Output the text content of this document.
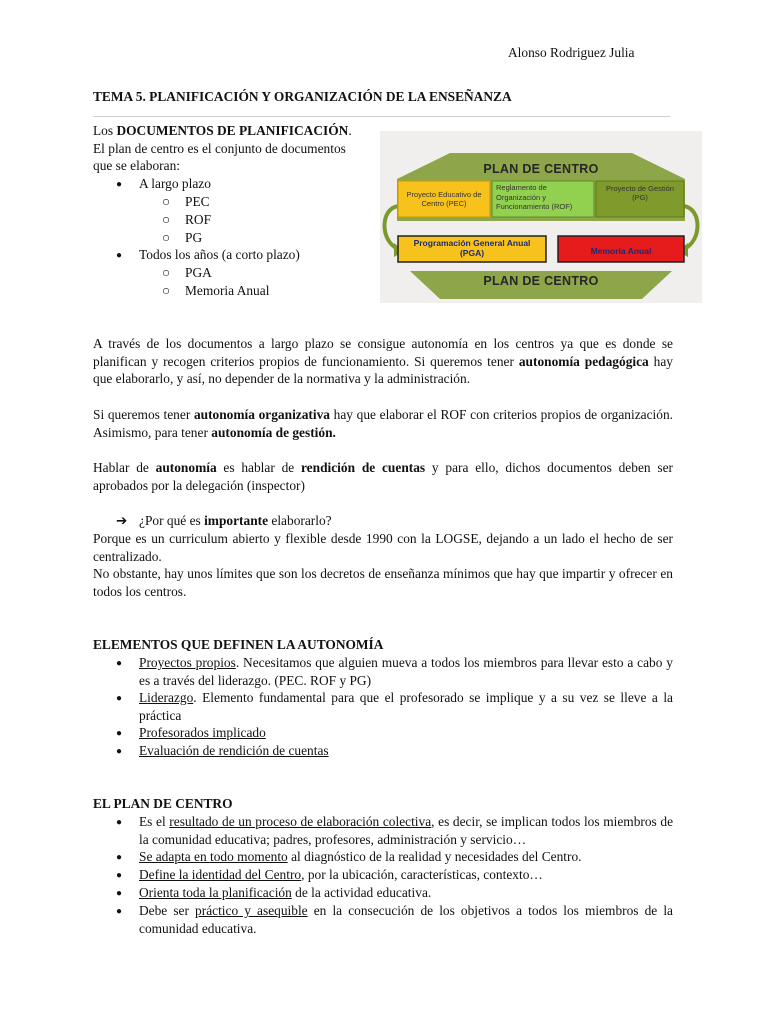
Alonso Rodriguez Julia
TEMA 5. PLANIFICACIÓN Y ORGANIZACIÓN DE LA ENSEÑANZA
Los DOCUMENTOS DE PLANIFICACIÓN.
El plan de centro es el conjunto de documentos
que se elaboran:
● A largo plazo
○ PEC
○ ROF
○ PG
● Todos los años (a corto plazo)
○ PGA
○ Memoria Anual
PLAN DE CENTRO
Proyecto Educativo de Centro (PEC)
Reglamento de Organización y Funcionamiento (ROF)
Proyecto de Gestión (PG)
Programación General Anual (PGA)	Memoria Anual
PLAN DE CENTRO
A través de los documentos a largo plazo se consigue autonomía en los centros ya que es donde se planifican y recogen criterios propios de funcionamiento. Si queremos tener autonomía pedagógica hay que elaborarlo, y así, no depender de la normativa y la administración.
Si queremos tener autonomía organizativa hay que elaborar el ROF con criterios propios de organización. Asimismo, para tener autonomía de gestión.
Hablar de autonomía es hablar de rendición de cuentas y para ello, dichos documentos deben ser aprobados por la delegación (inspector)
➔ ¿Por qué es importante elaborarlo?
Porque es un curriculum abierto y flexible desde 1990 con la LOGSE, dejando a un lado el hecho de ser centralizado.
No obstante, hay unos límites que son los decretos de enseñanza mínimos que hay que impartir y ofrecer en todos los centros.
ELEMENTOS QUE DEFINEN LA AUTONOMÍA
● Proyectos propios. Necesitamos que alguien mueva a todos los miembros para llevar esto a cabo y es a través del liderazgo. (PEC. ROF y PG)
● Liderazgo. Elemento fundamental para que el profesorado se implique y a su vez se lleve a la práctica
● Profesorados implicado
● Evaluación de rendición de cuentas
EL PLAN DE CENTRO
● Es el resultado de un proceso de elaboración colectiva, es decir, se implican todos los miembros de la comunidad educativa; padres, profesores, administración y servicio…
● Se adapta en todo momento al diagnóstico de la realidad y necesidades del Centro.
● Define la identidad del Centro, por la ubicación, características, contexto…
● Orienta toda la planificación de la actividad educativa.
● Debe ser práctico y asequible en la consecución de los objetivos a todos los miembros de la comunidad educativa.
